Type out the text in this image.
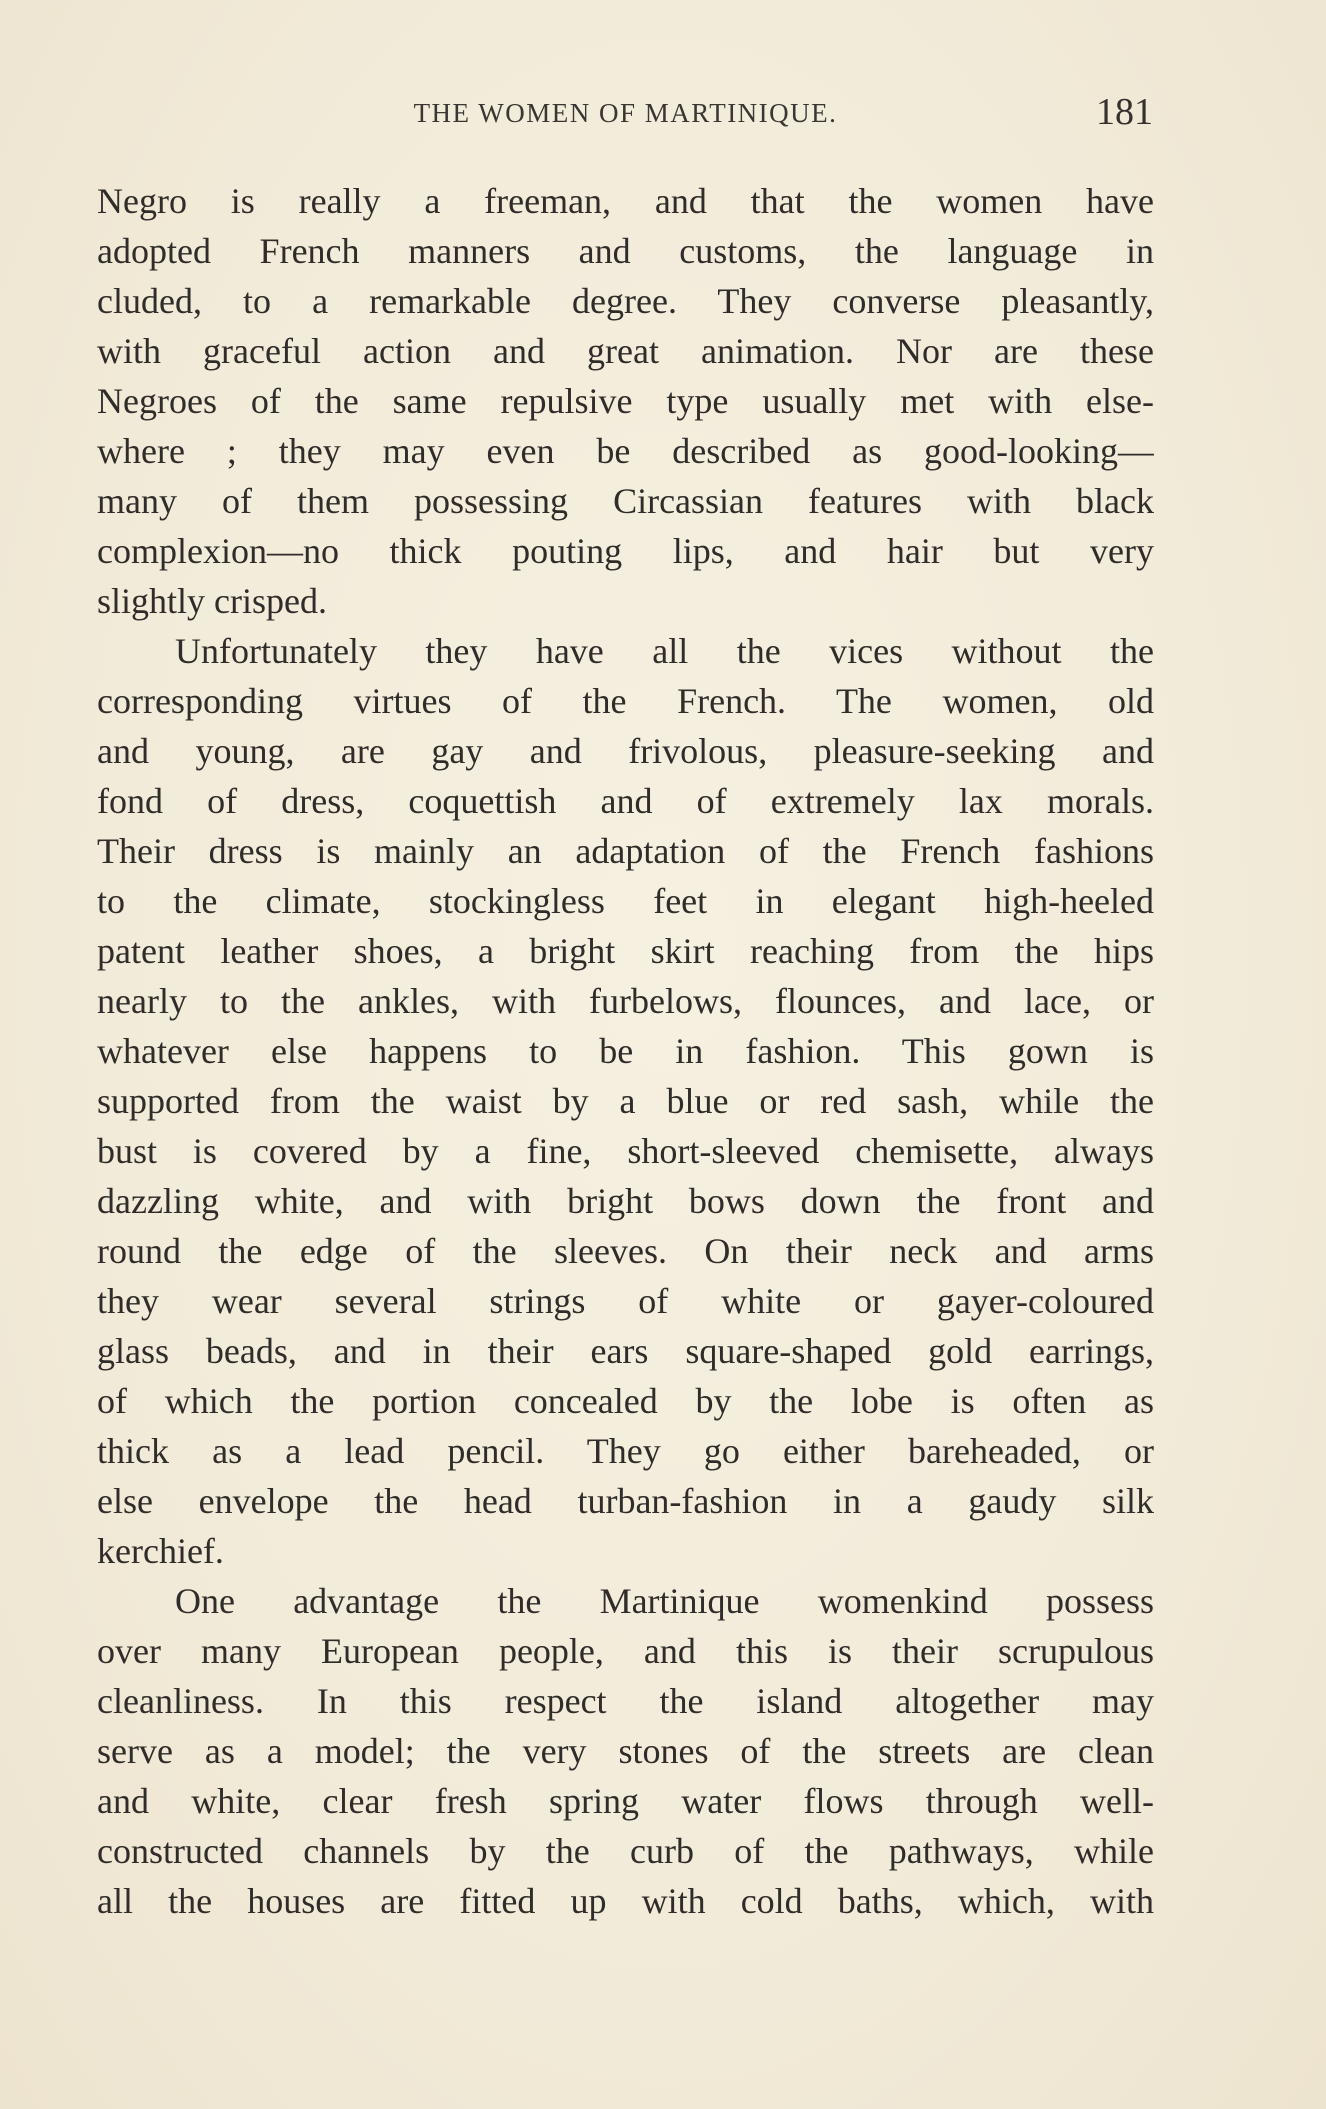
THE WOMEN OF MARTINIQUE.	181
Negro is really a freeman, and that the women have
adopted French manners and customs, the language in
cluded, to a remarkable degree. They converse pleasantly,
with graceful action and great animation. Nor are these
Negroes of the same repulsive type usually met with else-
where ; they may even be described as good-looking—
many of them possessing Circassian features with black
complexion—no thick pouting lips, and hair but very
slightly crisped.
Unfortunately they have all the vices without the
corresponding virtues of the French. The women, old
and young, are gay and frivolous, pleasure-seeking and
fond of dress, coquettish and of extremely lax morals.
Their dress is mainly an adaptation of the French fashions
to the climate, stockingless feet in elegant high-heeled
patent leather shoes, a bright skirt reaching from the hips
nearly to the ankles, with furbelows, flounces, and lace, or
whatever else happens to be in fashion. This gown is
supported from the waist by a blue or red sash, while the
bust is covered by a fine, short-sleeved chemisette, always
dazzling white, and with bright bows down the front and
round the edge of the sleeves. On their neck and arms
they wear several strings of white or gayer-coloured
glass beads, and in their ears square-shaped gold earrings,
of which the portion concealed by the lobe is often as
thick as a lead pencil. They go either bareheaded, or
else envelope the head turban-fashion in a gaudy silk
kerchief.
One advantage the Martinique womenkind possess
over many European people, and this is their scrupulous
cleanliness. In this respect the island altogether may
serve as a model; the very stones of the streets are clean
and white, clear fresh spring water flows through well-
constructed channels by the curb of the pathways, while
all the houses are fitted up with cold baths, which, with
